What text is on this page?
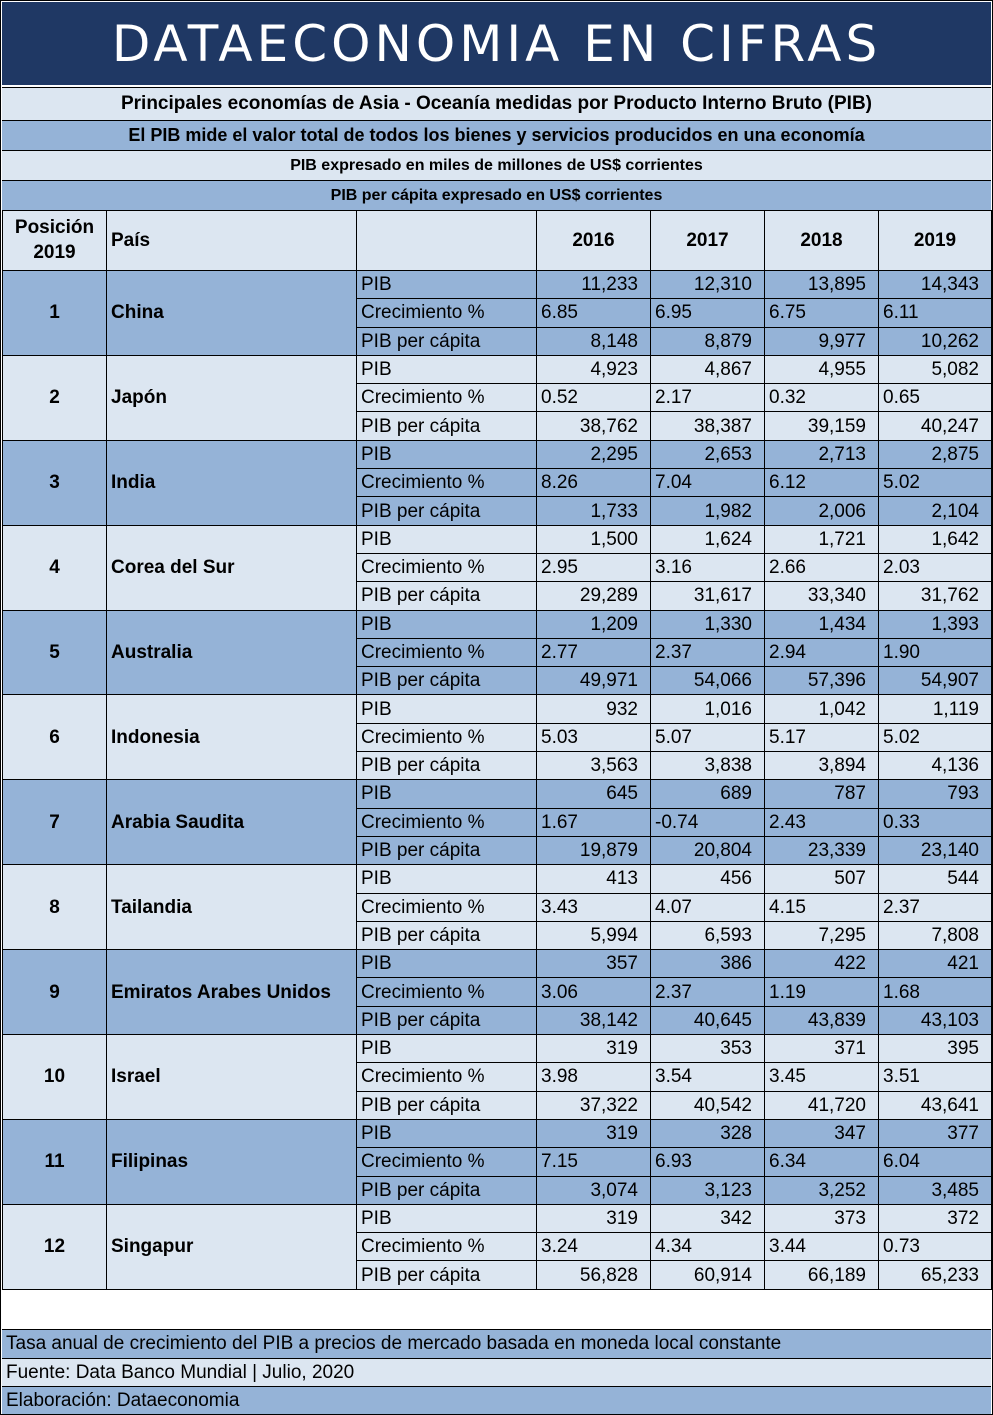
DATAECONOMIA EN CIFRAS
Principales economías de Asia - Oceanía medidas por Producto Interno Bruto (PIB)
El PIB mide el valor total de todos los bienes y servicios producidos en una economía
PIB expresado en miles de millones de US$ corrientes
PIB per cápita expresado en US$ corrientes
Posición 2019	País		2016	2017	2018	2019
1	China	PIB	11,233	12,310	13,895	14,343
		Crecimiento %	6.85	6.95	6.75	6.11
		PIB per cápita	8,148	8,879	9,977	10,262
2	Japón	PIB	4,923	4,867	4,955	5,082
		Crecimiento %	0.52	2.17	0.32	0.65
		PIB per cápita	38,762	38,387	39,159	40,247
3	India	PIB	2,295	2,653	2,713	2,875
		Crecimiento %	8.26	7.04	6.12	5.02
		PIB per cápita	1,733	1,982	2,006	2,104
4	Corea del Sur	PIB	1,500	1,624	1,721	1,642
		Crecimiento %	2.95	3.16	2.66	2.03
		PIB per cápita	29,289	31,617	33,340	31,762
5	Australia	PIB	1,209	1,330	1,434	1,393
		Crecimiento %	2.77	2.37	2.94	1.90
		PIB per cápita	49,971	54,066	57,396	54,907
6	Indonesia	PIB	932	1,016	1,042	1,119
		Crecimiento %	5.03	5.07	5.17	5.02
		PIB per cápita	3,563	3,838	3,894	4,136
7	Arabia Saudita	PIB	645	689	787	793
		Crecimiento %	1.67	-0.74	2.43	0.33
		PIB per cápita	19,879	20,804	23,339	23,140
8	Tailandia	PIB	413	456	507	544
		Crecimiento %	3.43	4.07	4.15	2.37
		PIB per cápita	5,994	6,593	7,295	7,808
9	Emiratos Arabes Unidos	PIB	357	386	422	421
		Crecimiento %	3.06	2.37	1.19	1.68
		PIB per cápita	38,142	40,645	43,839	43,103
10	Israel	PIB	319	353	371	395
		Crecimiento %	3.98	3.54	3.45	3.51
		PIB per cápita	37,322	40,542	41,720	43,641
11	Filipinas	PIB	319	328	347	377
		Crecimiento %	7.15	6.93	6.34	6.04
		PIB per cápita	3,074	3,123	3,252	3,485
12	Singapur	PIB	319	342	373	372
		Crecimiento %	3.24	4.34	3.44	0.73
		PIB per cápita	56,828	60,914	66,189	65,233
Tasa anual de crecimiento del PIB a precios de mercado basada en moneda local constante
Fuente: Data Banco Mundial | Julio, 2020
Elaboración: Dataeconomia
